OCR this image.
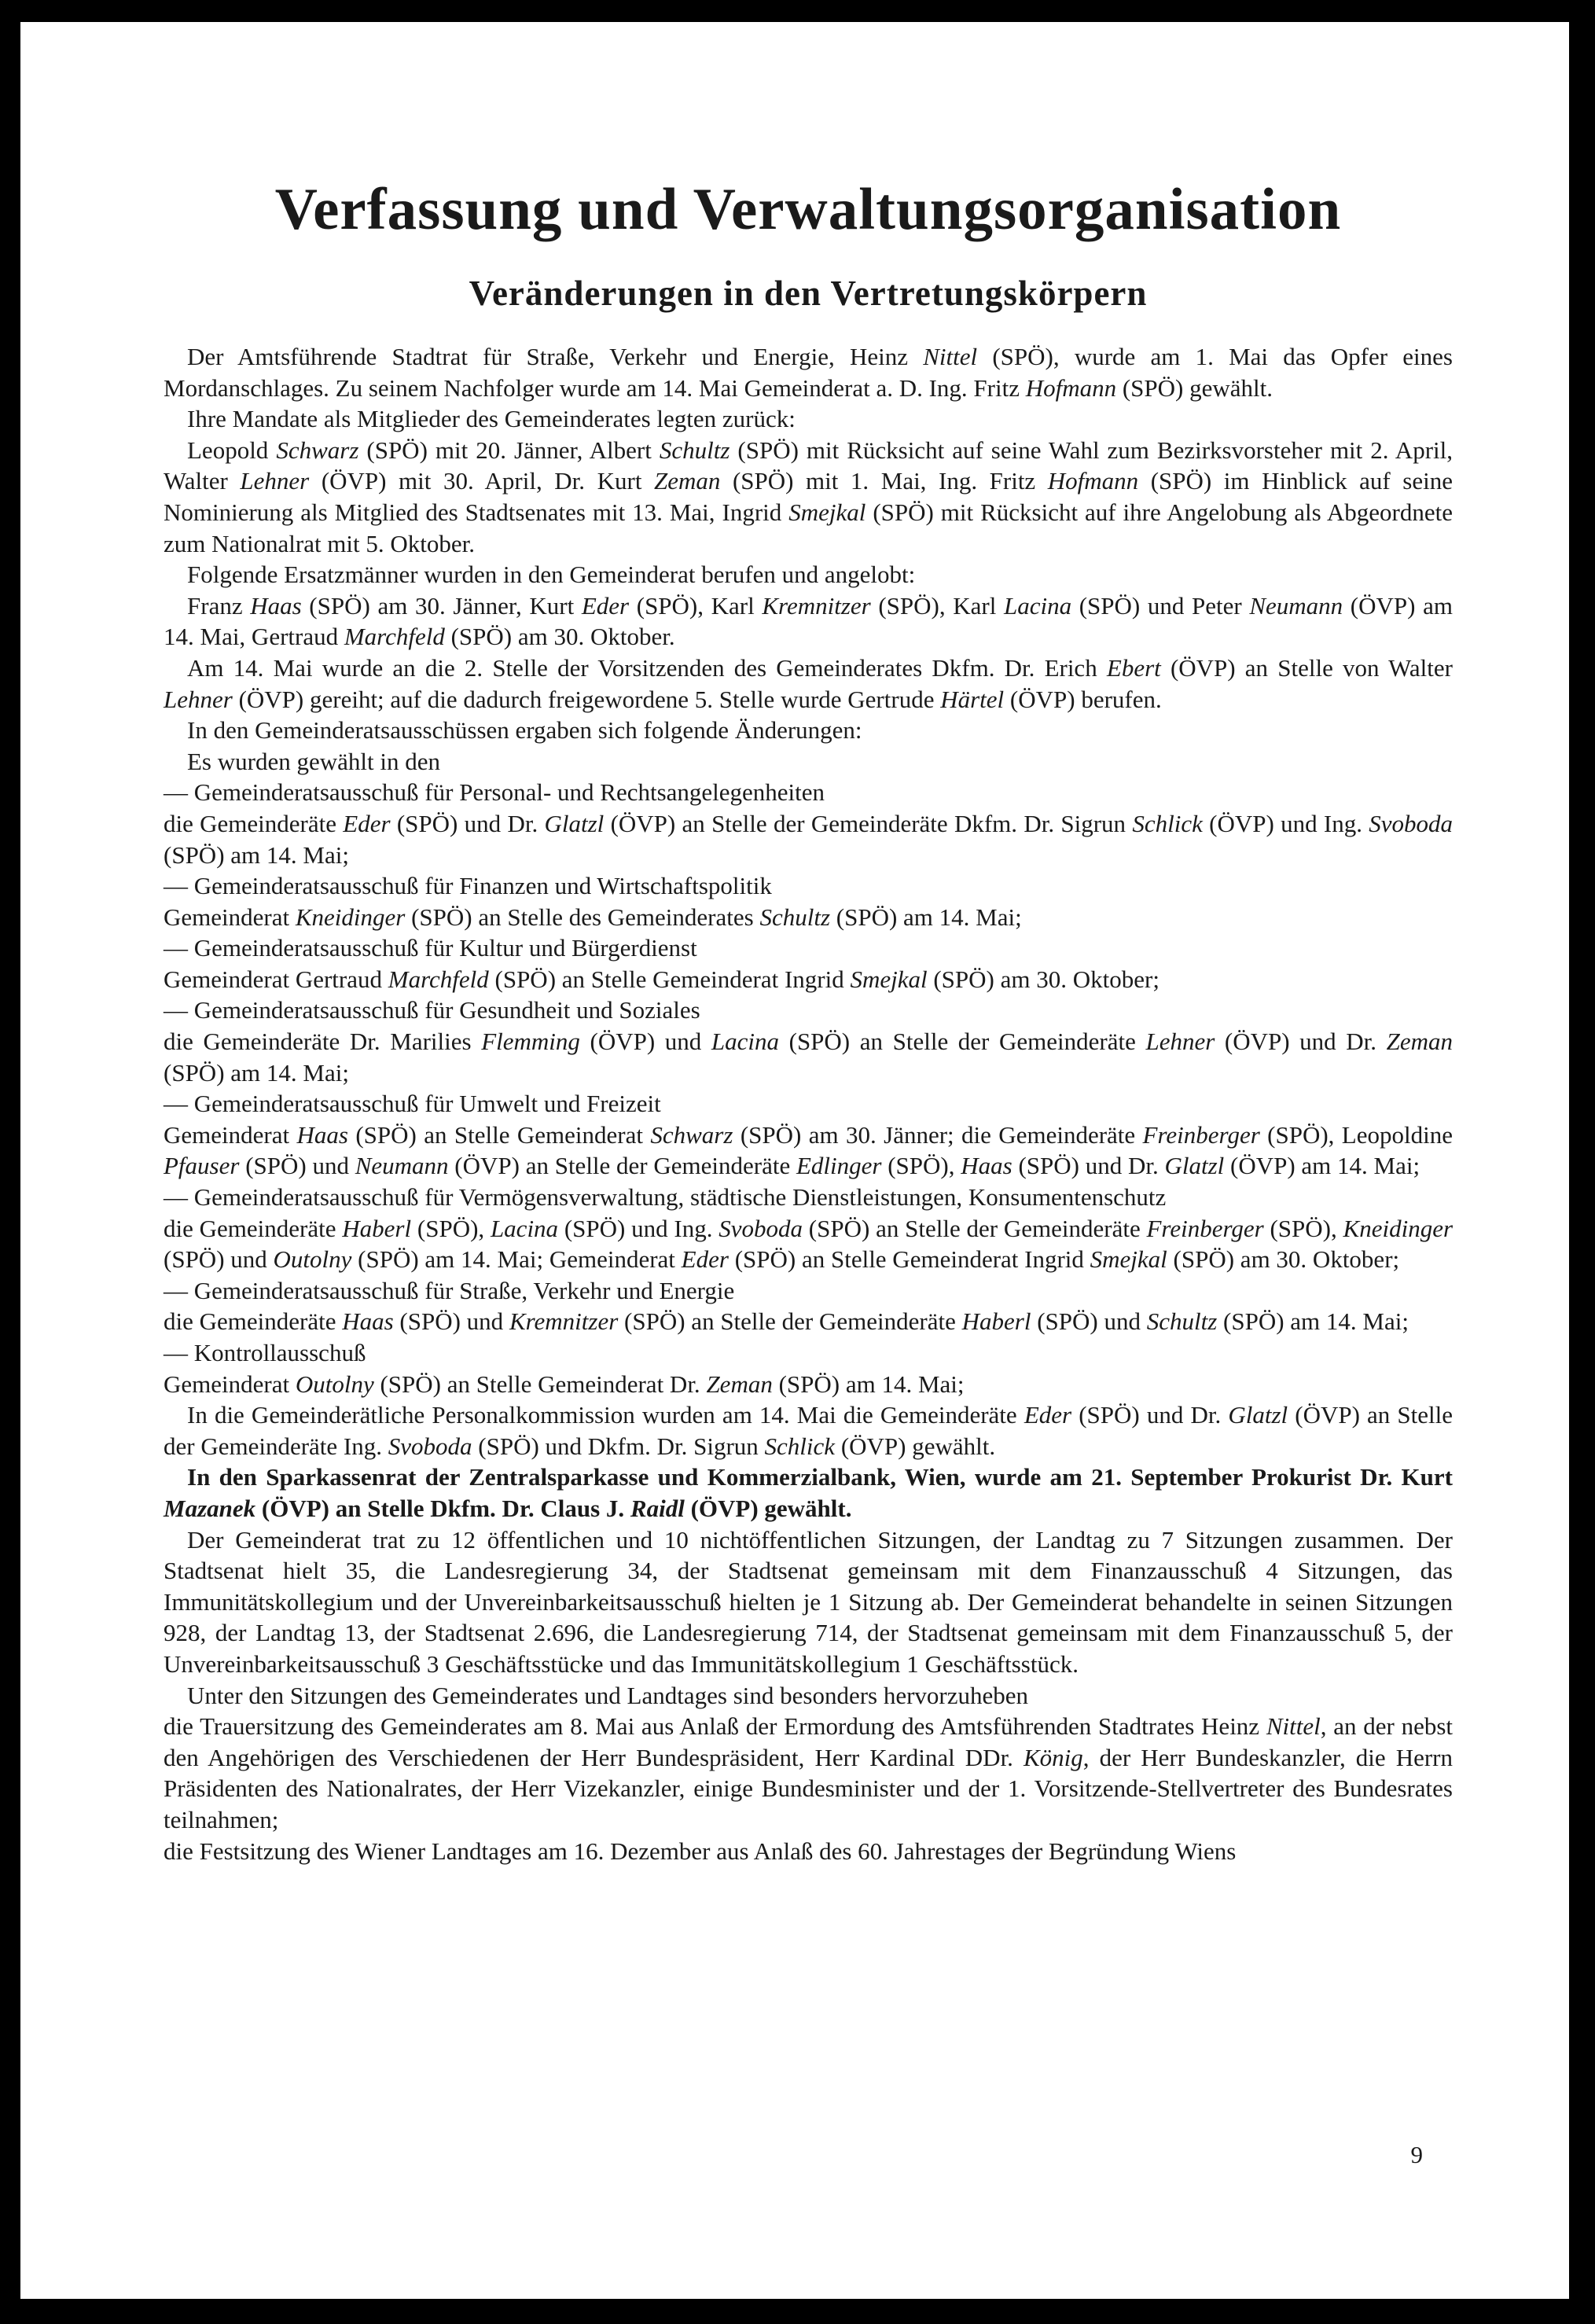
Verfassung und Verwaltungsorganisation
Veränderungen in den Vertretungskörpern

Der Amtsführende Stadtrat für Straße, Verkehr und Energie, Heinz Nittel (SPÖ), wurde am 1. Mai das Opfer eines Mordanschlages. Zu seinem Nachfolger wurde am 14. Mai Gemeinderat a. D. Ing. Fritz Hofmann (SPÖ) gewählt.

Ihre Mandate als Mitglieder des Gemeinderates legten zurück:

Leopold Schwarz (SPÖ) mit 20. Jänner, Albert Schultz (SPÖ) mit Rücksicht auf seine Wahl zum Bezirksvorsteher mit 2. April, Walter Lehner (ÖVP) mit 30. April, Dr. Kurt Zeman (SPÖ) mit 1. Mai, Ing. Fritz Hofmann (SPÖ) im Hinblick auf seine Nominierung als Mitglied des Stadtsenates mit 13. Mai, Ingrid Smejkal (SPÖ) mit Rücksicht auf ihre Angelobung als Abgeordnete zum Nationalrat mit 5. Oktober.

Folgende Ersatzmänner wurden in den Gemeinderat berufen und angelobt:

Franz Haas (SPÖ) am 30. Jänner, Kurt Eder (SPÖ), Karl Kremnitzer (SPÖ), Karl Lacina (SPÖ) und Peter Neumann (ÖVP) am 14. Mai, Gertraud Marchfeld (SPÖ) am 30. Oktober.

Am 14. Mai wurde an die 2. Stelle der Vorsitzenden des Gemeinderates Dkfm. Dr. Erich Ebert (ÖVP) an Stelle von Walter Lehner (ÖVP) gereiht; auf die dadurch freigewordene 5. Stelle wurde Gertrude Härtel (ÖVP) berufen.

In den Gemeinderatsausschüssen ergaben sich folgende Änderungen:

Es wurden gewählt in den

— Gemeinderatsausschuß für Personal- und Rechtsangelegenheiten

die Gemeinderäte Eder (SPÖ) und Dr. Glatzl (ÖVP) an Stelle der Gemeinderäte Dkfm. Dr. Sigrun Schlick (ÖVP) und Ing. Svoboda (SPÖ) am 14. Mai;

— Gemeinderatsausschuß für Finanzen und Wirtschaftspolitik

Gemeinderat Kneidinger (SPÖ) an Stelle des Gemeinderates Schultz (SPÖ) am 14. Mai;

— Gemeinderatsausschuß für Kultur und Bürgerdienst

Gemeinderat Gertraud Marchfeld (SPÖ) an Stelle Gemeinderat Ingrid Smejkal (SPÖ) am 30. Oktober;

— Gemeinderatsausschuß für Gesundheit und Soziales

die Gemeinderäte Dr. Marilies Flemming (ÖVP) und Lacina (SPÖ) an Stelle der Gemeinderäte Lehner (ÖVP) und Dr. Zeman (SPÖ) am 14. Mai;

— Gemeinderatsausschuß für Umwelt und Freizeit

Gemeinderat Haas (SPÖ) an Stelle Gemeinderat Schwarz (SPÖ) am 30. Jänner; die Gemeinderäte Freinberger (SPÖ), Leopoldine Pfauser (SPÖ) und Neumann (ÖVP) an Stelle der Gemeinderäte Edlinger (SPÖ), Haas (SPÖ) und Dr. Glatzl (ÖVP) am 14. Mai;

— Gemeinderatsausschuß für Vermögensverwaltung, städtische Dienstleistungen, Konsumentenschutz

die Gemeinderäte Haberl (SPÖ), Lacina (SPÖ) und Ing. Svoboda (SPÖ) an Stelle der Gemeinderäte Freinberger (SPÖ), Kneidinger (SPÖ) und Outolny (SPÖ) am 14. Mai; Gemeinderat Eder (SPÖ) an Stelle Gemeinderat Ingrid Smejkal (SPÖ) am 30. Oktober;

— Gemeinderatsausschuß für Straße, Verkehr und Energie

die Gemeinderäte Haas (SPÖ) und Kremnitzer (SPÖ) an Stelle der Gemeinderäte Haberl (SPÖ) und Schultz (SPÖ) am 14. Mai;

— Kontrollausschuß

Gemeinderat Outolny (SPÖ) an Stelle Gemeinderat Dr. Zeman (SPÖ) am 14. Mai;

In die Gemeinderätliche Personalkommission wurden am 14. Mai die Gemeinderäte Eder (SPÖ) und Dr. Glatzl (ÖVP) an Stelle der Gemeinderäte Ing. Svoboda (SPÖ) und Dkfm. Dr. Sigrun Schlick (ÖVP) gewählt.

In den Sparkassenrat der Zentralsparkasse und Kommerzialbank, Wien, wurde am 21. September Prokurist Dr. Kurt Mazanek (ÖVP) an Stelle Dkfm. Dr. Claus J. Raidl (ÖVP) gewählt.

Der Gemeinderat trat zu 12 öffentlichen und 10 nichtöffentlichen Sitzungen, der Landtag zu 7 Sitzungen zusammen. Der Stadtsenat hielt 35, die Landesregierung 34, der Stadtsenat gemeinsam mit dem Finanzausschuß 4 Sitzungen, das Immunitätskollegium und der Unvereinbarkeitsausschuß hielten je 1 Sitzung ab. Der Gemeinderat behandelte in seinen Sitzungen 928, der Landtag 13, der Stadtsenat 2.696, die Landesregierung 714, der Stadtsenat gemeinsam mit dem Finanzausschuß 5, der Unvereinbarkeitsausschuß 3 Geschäftsstücke und das Immunitätskollegium 1 Geschäftsstück.

Unter den Sitzungen des Gemeinderates und Landtages sind besonders hervorzuheben

die Trauersitzung des Gemeinderates am 8. Mai aus Anlaß der Ermordung des Amtsführenden Stadtrates Heinz Nittel, an der nebst den Angehörigen des Verschiedenen der Herr Bundespräsident, Herr Kardinal DDr. König, der Herr Bundeskanzler, die Herrn Präsidenten des Nationalrates, der Herr Vizekanzler, einige Bundesminister und der 1. Vorsitzende-Stellvertreter des Bundesrates teilnahmen;

die Festsitzung des Wiener Landtages am 16. Dezember aus Anlaß des 60. Jahrestages der Begründung Wiens

9
